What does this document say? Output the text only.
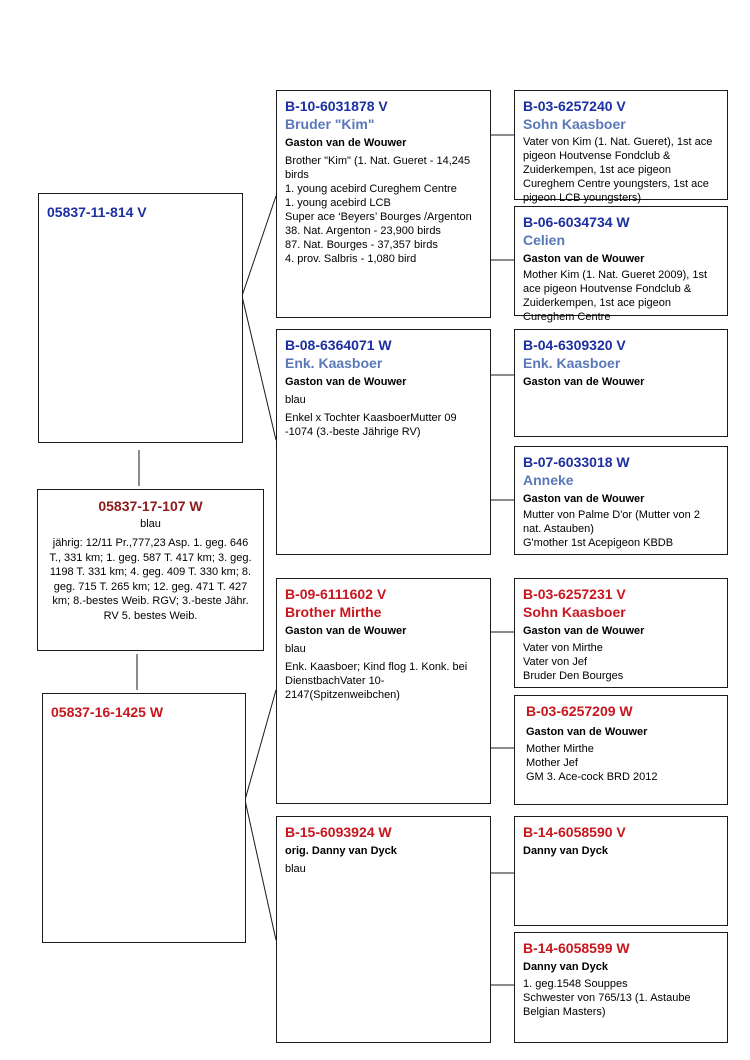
05837-11-814 V
05837-17-107 W
blau
jährig: 12/11 Pr.,777,23 Asp. 1. geg. 646 T., 331 km; 1. geg. 587 T. 417 km; 3. geg. 1198 T. 331 km; 4. geg. 409 T. 330 km; 8. geg. 715 T. 265 km; 12. geg. 471 T. 427 km; 8.-bestes Weib. RGV; 3.-beste Jähr. RV 5. bestes Weib.
05837-16-1425 W
B-10-6031878 V
Bruder "Kim"
Gaston van de Wouwer
Brother "Kim" (1. Nat. Gueret - 14,245 birds
1. young acebird Cureghem Centre
1. young acebird LCB
Super ace ‘Beyers’ Bourges /Argenton
38. Nat. Argenton - 23,900 birds
87. Nat. Bourges - 37,357 birds
4. prov. Salbris - 1,080 bird
B-08-6364071 W
Enk. Kaasboer
Gaston van de Wouwer
blau
Enkel x Tochter KaasboerMutter 09 -1074 (3.-beste Jährige RV)
B-09-6111602 V
Brother Mirthe
Gaston van de Wouwer
blau
Enk. Kaasboer; Kind flog 1. Konk. bei DienstbachVater 10-2147(Spitzenweibchen)
B-15-6093924 W
orig. Danny van Dyck
blau
B-03-6257240 V
Sohn Kaasboer
Vater von Kim (1. Nat. Gueret), 1st ace pigeon Houtvense Fondclub & Zuiderkempen, 1st ace pigeon Cureghem Centre youngsters, 1st ace pigeon LCB youngsters)
B-06-6034734 W
Celien
Gaston van de Wouwer
Mother Kim (1. Nat. Gueret 2009), 1st ace pigeon Houtvense Fondclub & Zuiderkempen, 1st ace pigeon Cureghem Centre
B-04-6309320 V
Enk. Kaasboer
Gaston van de Wouwer
B-07-6033018 W
Anneke
Gaston van de Wouwer
Mutter von Palme D'or (Mutter von 2 nat. Astauben)
G'mother 1st Acepigeon KBDB
B-03-6257231 V
Sohn Kaasboer
Gaston van de Wouwer
Vater von Mirthe
Vater von Jef
Bruder Den Bourges
B-03-6257209 W
Gaston van de Wouwer
Mother Mirthe
Mother Jef
GM 3. Ace-cock BRD 2012
B-14-6058590 V
Danny van Dyck
B-14-6058599 W
Danny van Dyck
1. geg.1548 Souppes
Schwester von 765/13 (1. Astaube Belgian Masters)
